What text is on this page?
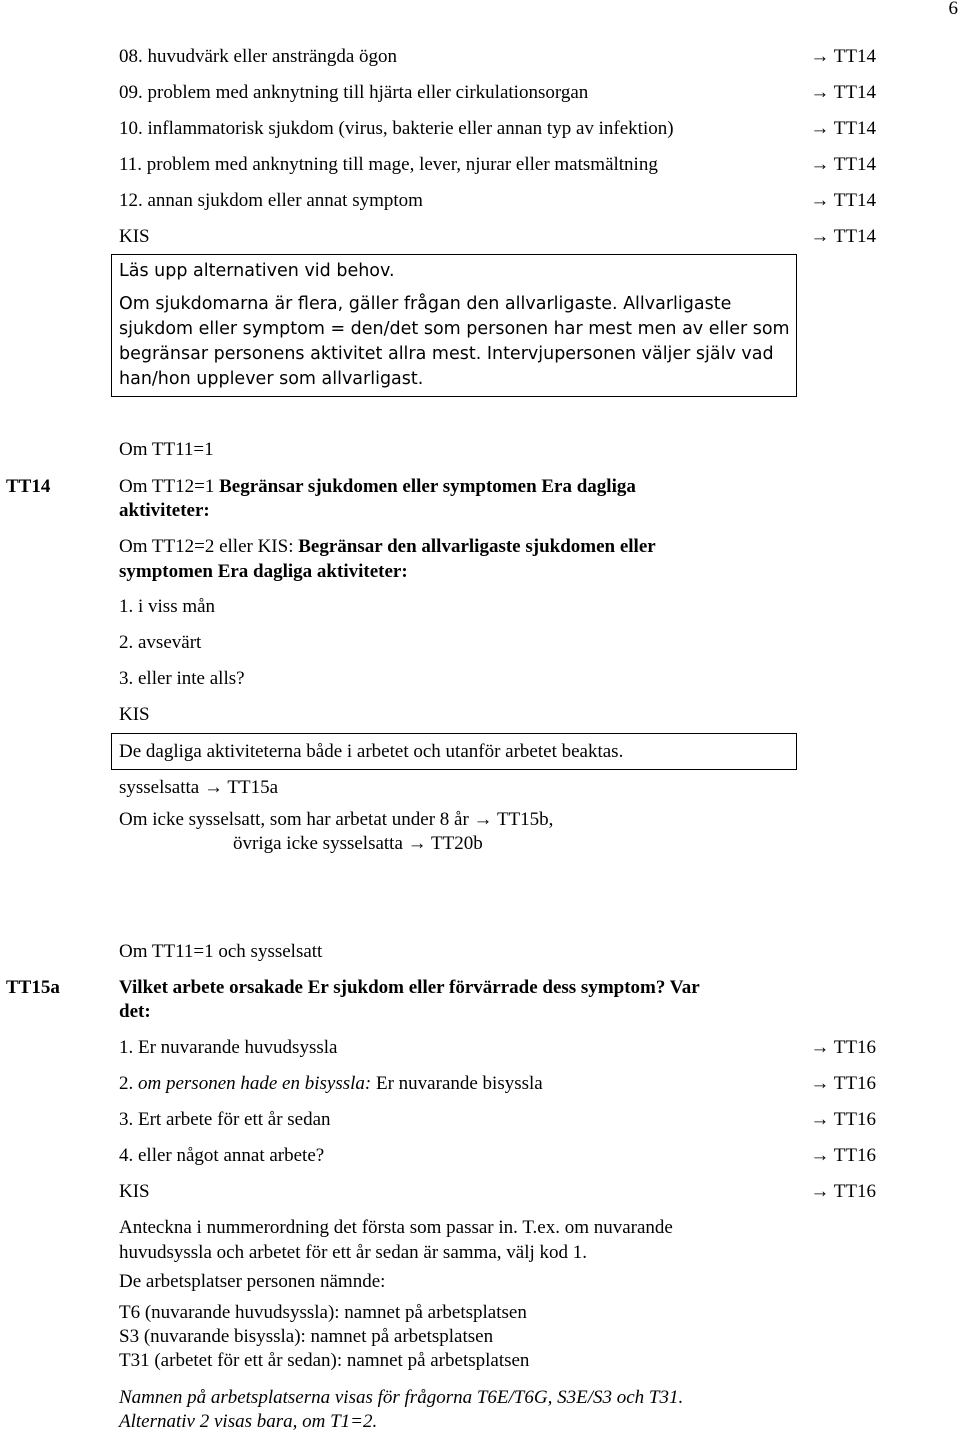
6
08. huvudvärk eller ansträngda ögon	→ TT14
09. problem med anknytning till hjärta eller cirkulationsorgan	→ TT14
10. inflammatorisk sjukdom (virus, bakterie eller annan typ av infektion)	→ TT14
11. problem med anknytning till mage, lever, njurar eller matsmältning	→ TT14
12. annan sjukdom eller annat symptom	→ TT14
KIS	→ TT14
Läs upp alternativen vid behov.
Om sjukdomarna är flera, gäller frågan den allvarligaste. Allvarligaste
sjukdom eller symptom = den/det som personen har mest men av eller som
begränsar personens aktivitet allra mest. Intervjupersonen väljer själv vad
han/hon upplever som allvarligast.
Om TT11=1
TT14	Om TT12=1 Begränsar sjukdomen eller symptomen Era dagliga
aktiviteter:
Om TT12=2 eller KIS: Begränsar den allvarligaste sjukdomen eller
symptomen Era dagliga aktiviteter:
1. i viss mån
2. avsevärt
3. eller inte alls?
KIS
De dagliga aktiviteterna både i arbetet och utanför arbetet beaktas.
sysselsatta → TT15a
Om icke sysselsatt, som har arbetat under 8 år → TT15b,
övriga icke sysselsatta → TT20b
Om TT11=1 och sysselsatt
TT15a	Vilket arbete orsakade Er sjukdom eller förvärrade dess symptom? Var
det:
1. Er nuvarande huvudsyssla	→ TT16
2. om personen hade en bisyssla: Er nuvarande bisyssla	→ TT16
3. Ert arbete för ett år sedan	→ TT16
4. eller något annat arbete?	→ TT16
KIS	→ TT16
Anteckna i nummerordning det första som passar in. T.ex. om nuvarande
huvudsyssla och arbetet för ett år sedan är samma, välj kod 1.
De arbetsplatser personen nämnde:
T6 (nuvarande huvudsyssla): namnet på arbetsplatsen
S3 (nuvarande bisyssla): namnet på arbetsplatsen
T31 (arbetet för ett år sedan): namnet på arbetsplatsen
Namnen på arbetsplatserna visas för frågorna T6E/T6G, S3E/S3 och T31.
Alternativ 2 visas bara, om T1=2.
